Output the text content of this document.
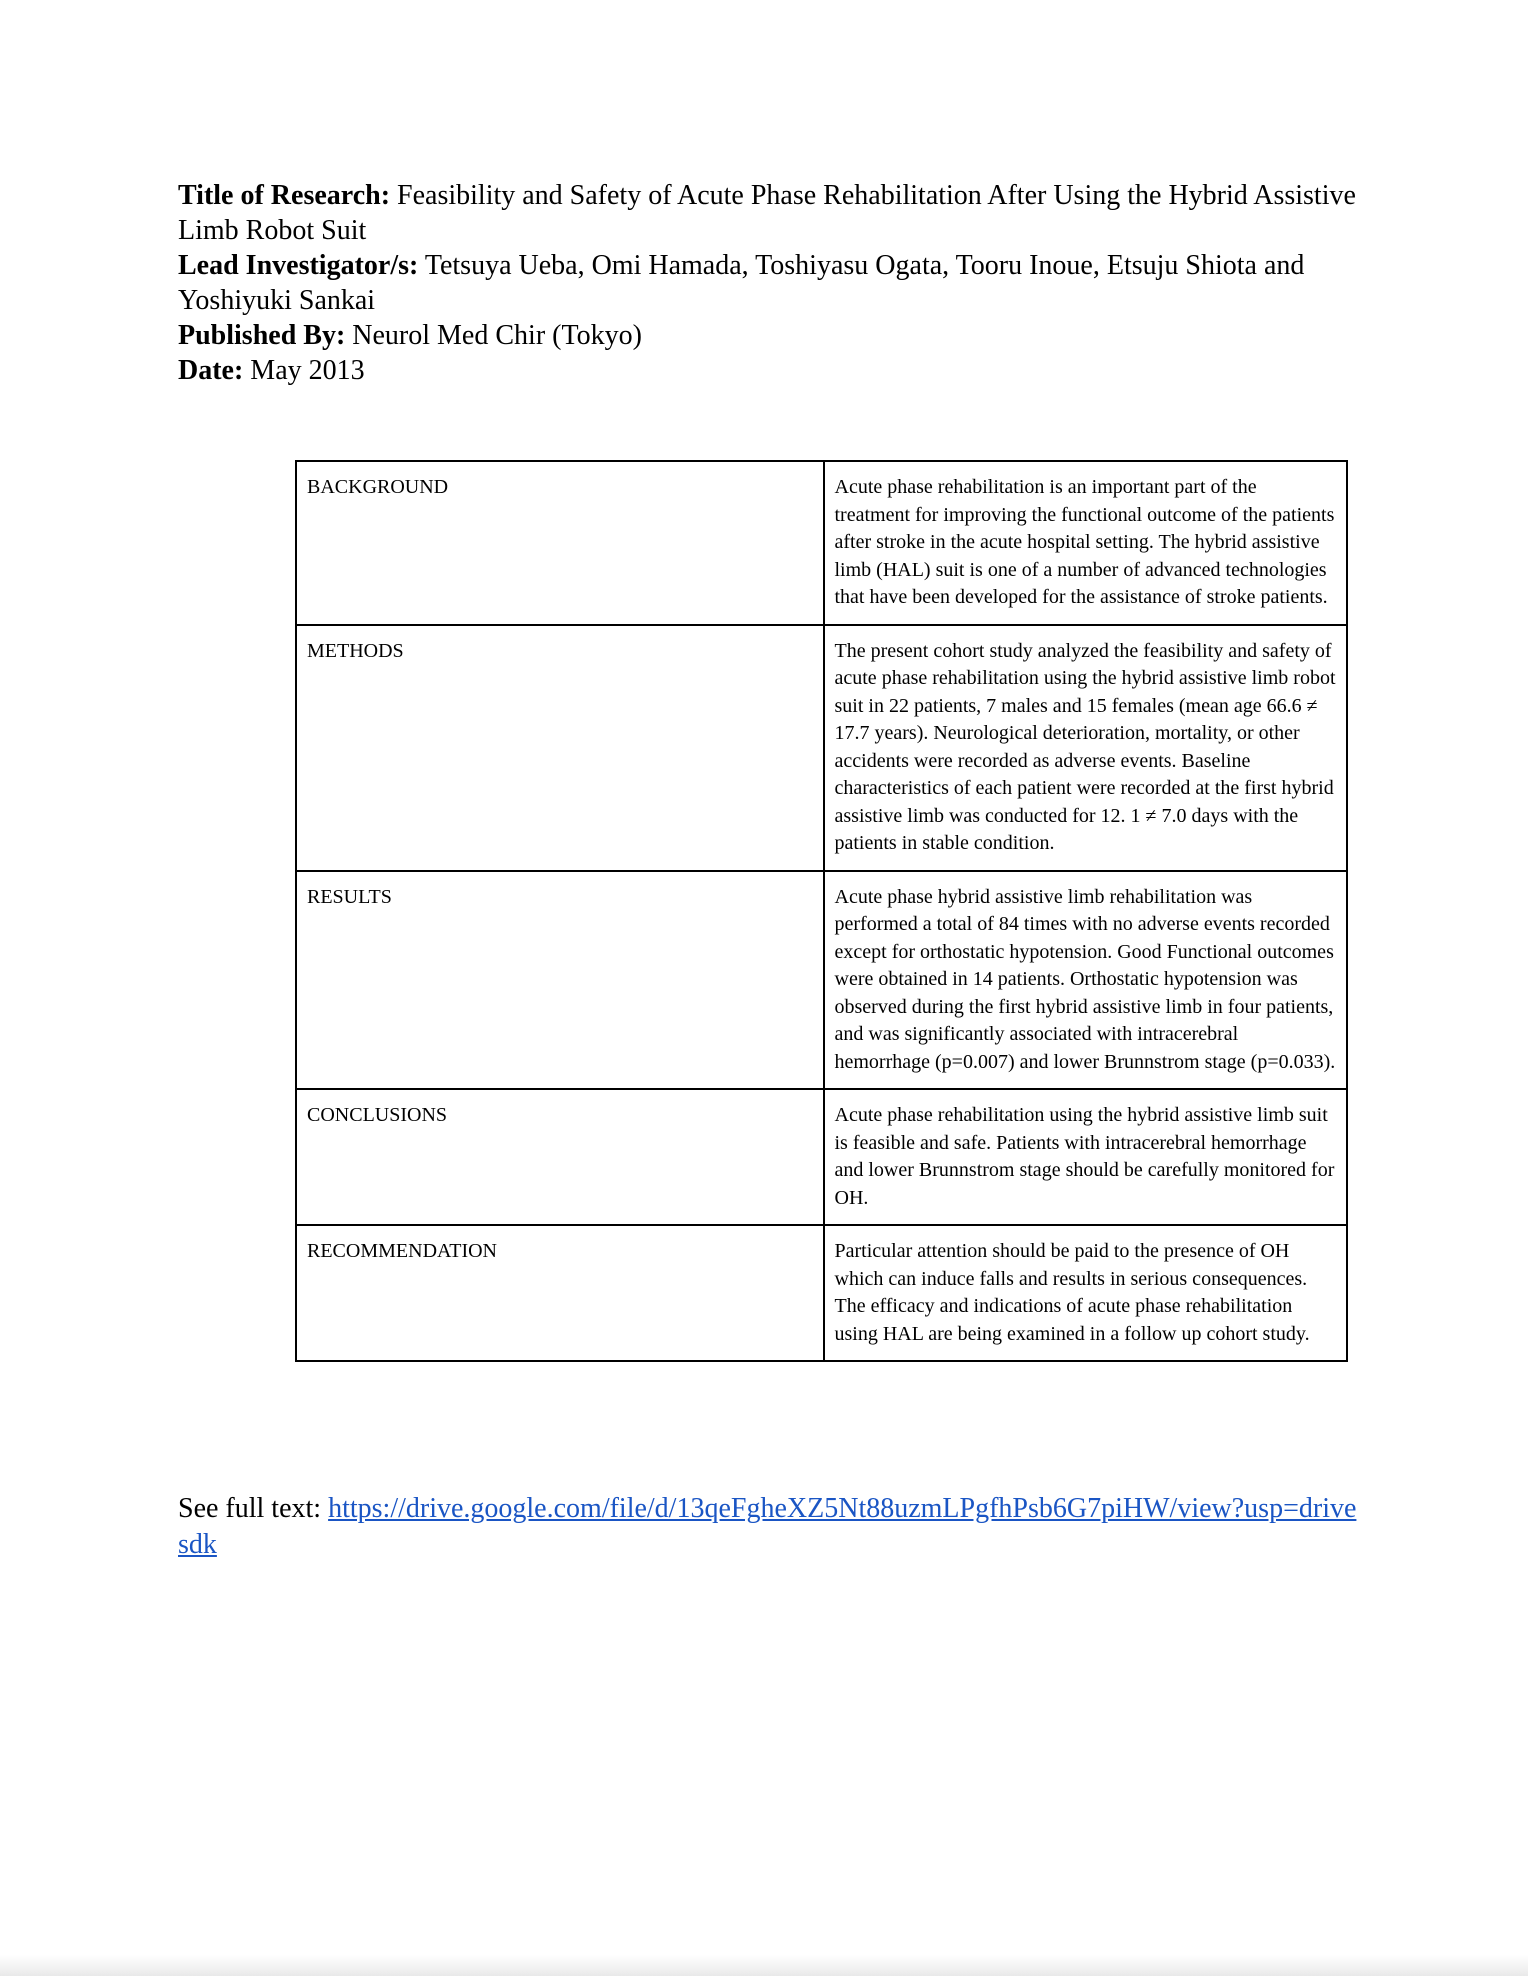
Title of Research: Feasibility and Safety of Acute Phase Rehabilitation After Using the Hybrid Assistive Limb Robot Suit

Lead Investigator/s: Tetsuya Ueba, Omi Hamada, Toshiyasu Ogata, Tooru Inoue, Etsuju Shiota and Yoshiyuki Sankai

Published By: Neurol Med Chir (Tokyo)

Date: May 2013

BACKGROUND	Acute phase rehabilitation is an important part of the treatment for improving the functional outcome of the patients after stroke in the acute hospital setting. The hybrid assistive limb (HAL) suit is one of a number of advanced technologies that have been developed for the assistance of stroke patients.
METHODS	The present cohort study analyzed the feasibility and safety of acute phase rehabilitation using the hybrid assistive limb robot suit in 22 patients, 7 males and 15 females (mean age 66.6 ≠ 17.7 years). Neurological deterioration, mortality, or other accidents were recorded as adverse events. Baseline characteristics of each patient were recorded at the first hybrid assistive limb was conducted for 12. 1 ≠ 7.0 days with the patients in stable condition.
RESULTS	Acute phase hybrid assistive limb rehabilitation was performed a total of 84 times with no adverse events recorded except for orthostatic hypotension. Good Functional outcomes were obtained in 14 patients. Orthostatic hypotension was observed during the first hybrid assistive limb in four patients, and was significantly associated with intracerebral hemorrhage (p=0.007) and lower Brunnstrom stage (p=0.033).
CONCLUSIONS	Acute phase rehabilitation using the hybrid assistive limb suit is feasible and safe. Patients with intracerebral hemorrhage and lower Brunnstrom stage should be carefully monitored for OH.
RECOMMENDATION	Particular attention should be paid to the presence of OH which can induce falls and results in serious consequences. The efficacy and indications of acute phase rehabilitation using HAL are being examined in a follow up cohort study.
See full text: https://drive.google.com/file/d/13qeFgheXZ5Nt88uzmLPgfhPsb6G7piHW/view?usp=drivesdk
